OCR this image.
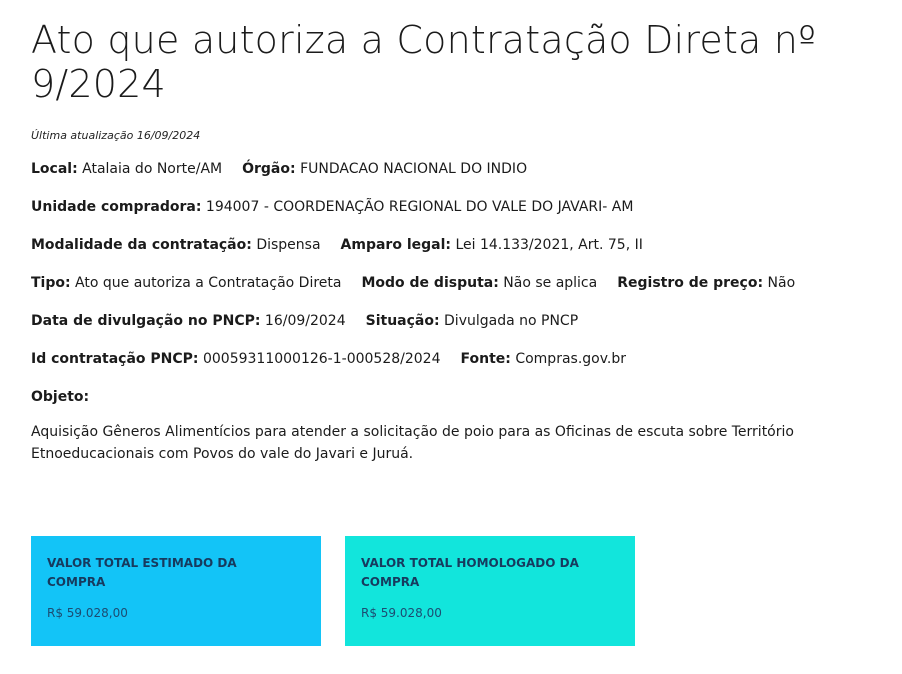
Ato que autoriza a Contratação Direta nº 9/2024
Última atualização 16/09/2024
Local: Atalaia do Norte/AM Órgão: FUNDACAO NACIONAL DO INDIO
Unidade compradora: 194007 - COORDENAÇÃO REGIONAL DO VALE DO JAVARI- AM
Modalidade da contratação: Dispensa Amparo legal: Lei 14.133/2021, Art. 75, II
Tipo: Ato que autoriza a Contratação Direta Modo de disputa: Não se aplica Registro de preço: Não
Data de divulgação no PNCP: 16/09/2024 Situação: Divulgada no PNCP
Id contratação PNCP: 00059311000126-1-000528/2024 Fonte: Compras.gov.br
Objeto:
Aquisição Gêneros Alimentícios para atender a solicitação de poio para as Oficinas de escuta sobre Território Etnoeducacionais com Povos do vale do Javari e Juruá.
VALOR TOTAL ESTIMADO DA COMPRA
R$ 59.028,00
VALOR TOTAL HOMOLOGADO DA COMPRA
R$ 59.028,00
